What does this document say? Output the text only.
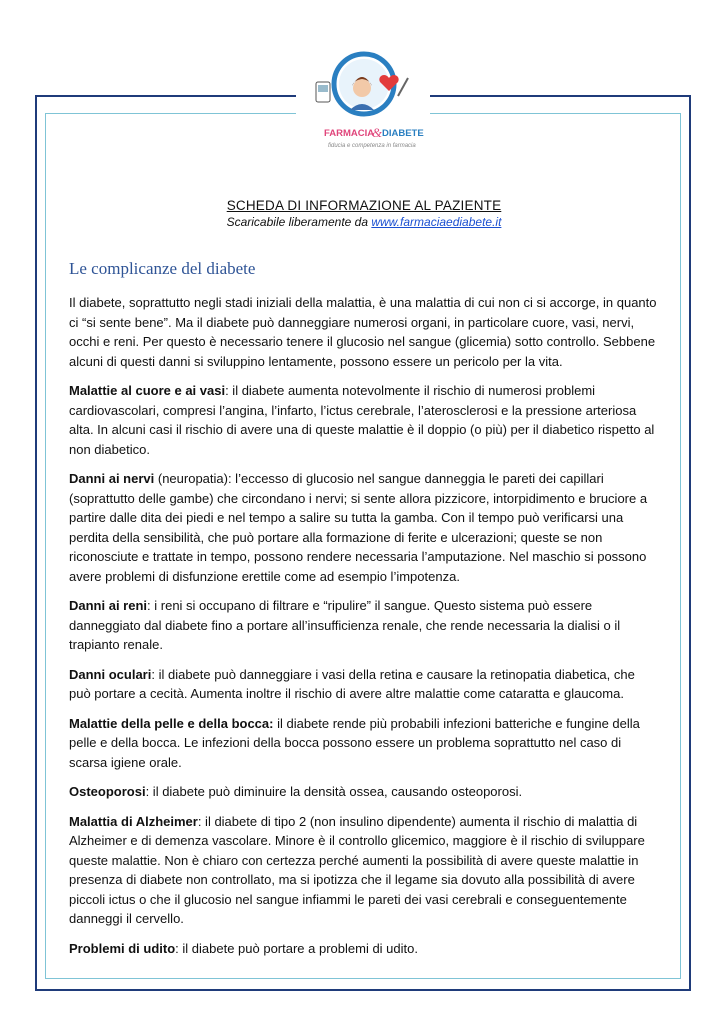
FARMACIA
& DIABETE
fiducia e competenza in farmacia

SCHEDA DI INFORMAZIONE AL PAZIENTE

Scaricabile liberamente da www.farmaciaediabete.it
Le complicanze del diabete

Il diabete, soprattutto negli stadi iniziali della malattia, è una malattia di cui non ci si accorge, in quanto ci “si sente bene”. Ma il diabete può danneggiare numerosi organi, in particolare cuore, vasi, nervi, occhi e reni. Per questo è necessario tenere il glucosio nel sangue (glicemia) sotto controllo. Sebbene alcuni di questi danni si sviluppino lentamente, possono essere un pericolo per la vita.

Malattie al cuore e ai vasi: il diabete aumenta notevolmente il rischio di numerosi problemi cardiovascolari, compresi l’angina, l’infarto, l’ictus cerebrale, l’aterosclerosi e la pressione arteriosa alta. In alcuni casi il rischio di avere una di queste malattie è il doppio (o più) per il diabetico rispetto al non diabetico.

Danni ai nervi (neuropatia): l’eccesso di glucosio nel sangue danneggia le pareti dei capillari (soprattutto delle gambe) che circondano i nervi; si sente allora pizzicore, intorpidimento e bruciore a partire dalle dita dei piedi e nel tempo a salire su tutta la gamba. Con il tempo può verificarsi una perdita della sensibilità, che può portare alla formazione di ferite e ulcerazioni; queste se non riconosciute e trattate in tempo, possono rendere necessaria l’amputazione. Nel maschio si possono avere problemi di disfunzione erettile come ad esempio l’impotenza.

Danni ai reni: i reni si occupano di filtrare e “ripulire” il sangue. Questo sistema può essere danneggiato dal diabete fino a portare all’insufficienza renale, che rende necessaria la dialisi o il trapianto renale.

Danni oculari: il diabete può danneggiare i vasi della retina e causare la retinopatia diabetica, che può portare a cecità. Aumenta inoltre il rischio di avere altre malattie come cataratta e glaucoma.

Malattie della pelle e della bocca: il diabete rende più probabili infezioni batteriche e fungine della pelle e della bocca. Le infezioni della bocca possono essere un problema soprattutto nel caso di scarsa igiene orale.

Osteoporosi: il diabete può diminuire la densità ossea, causando osteoporosi.

Malattia di Alzheimer: il diabete di tipo 2 (non insulino dipendente) aumenta il rischio di malattia di Alzheimer e di demenza vascolare. Minore è il controllo glicemico, maggiore è il rischio di sviluppare queste malattie. Non è chiaro con certezza perché aumenti la possibilità di avere queste malattie in presenza di diabete non controllato, ma si ipotizza che il legame sia dovuto alla possibilità di avere piccoli ictus o che il glucosio nel sangue infiammi le pareti dei vasi cerebrali e conseguentemente danneggi il cervello.

Problemi di udito: il diabete può portare a problemi di udito.
